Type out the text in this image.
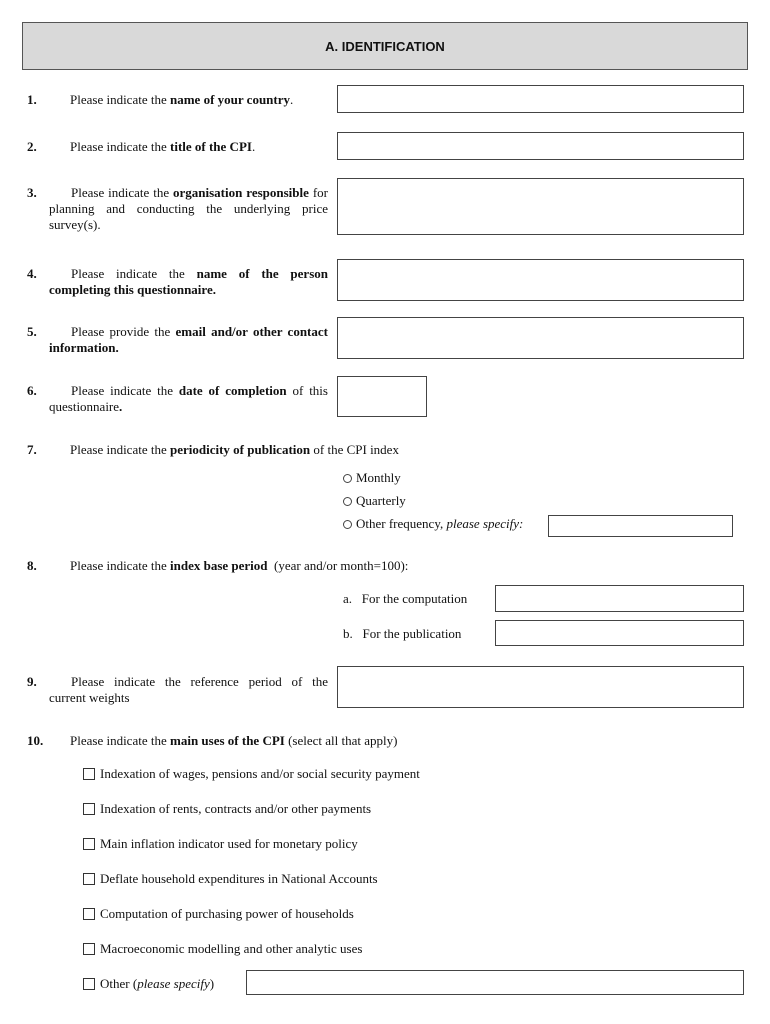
A. IDENTIFICATION
1.	Please indicate the name of your country.
2.	Please indicate the title of the CPI.
3.	Please indicate the organisation responsible for planning and conducting the underlying price survey(s).
4.	Please indicate the name of the person completing this questionnaire.
5.	Please provide the email and/or other contact information.
6.	Please indicate the date of completion of this questionnaire.
7.	Please indicate the periodicity of publication of the CPI index
Monthly
Quarterly
Other frequency, please specify:
8.	Please indicate the index base period  (year and/or month=100):
a.   For the computation
b.   For the publication
9.	Please indicate the reference period of the current weights
10. Please indicate the main uses of the CPI (select all that apply)
Indexation of wages, pensions and/or social security payment
Indexation of rents, contracts and/or other payments
Main inflation indicator used for monetary policy
Deflate household expenditures in National Accounts
Computation of purchasing power of households
Macroeconomic modelling and other analytic uses
Other (please specify)
